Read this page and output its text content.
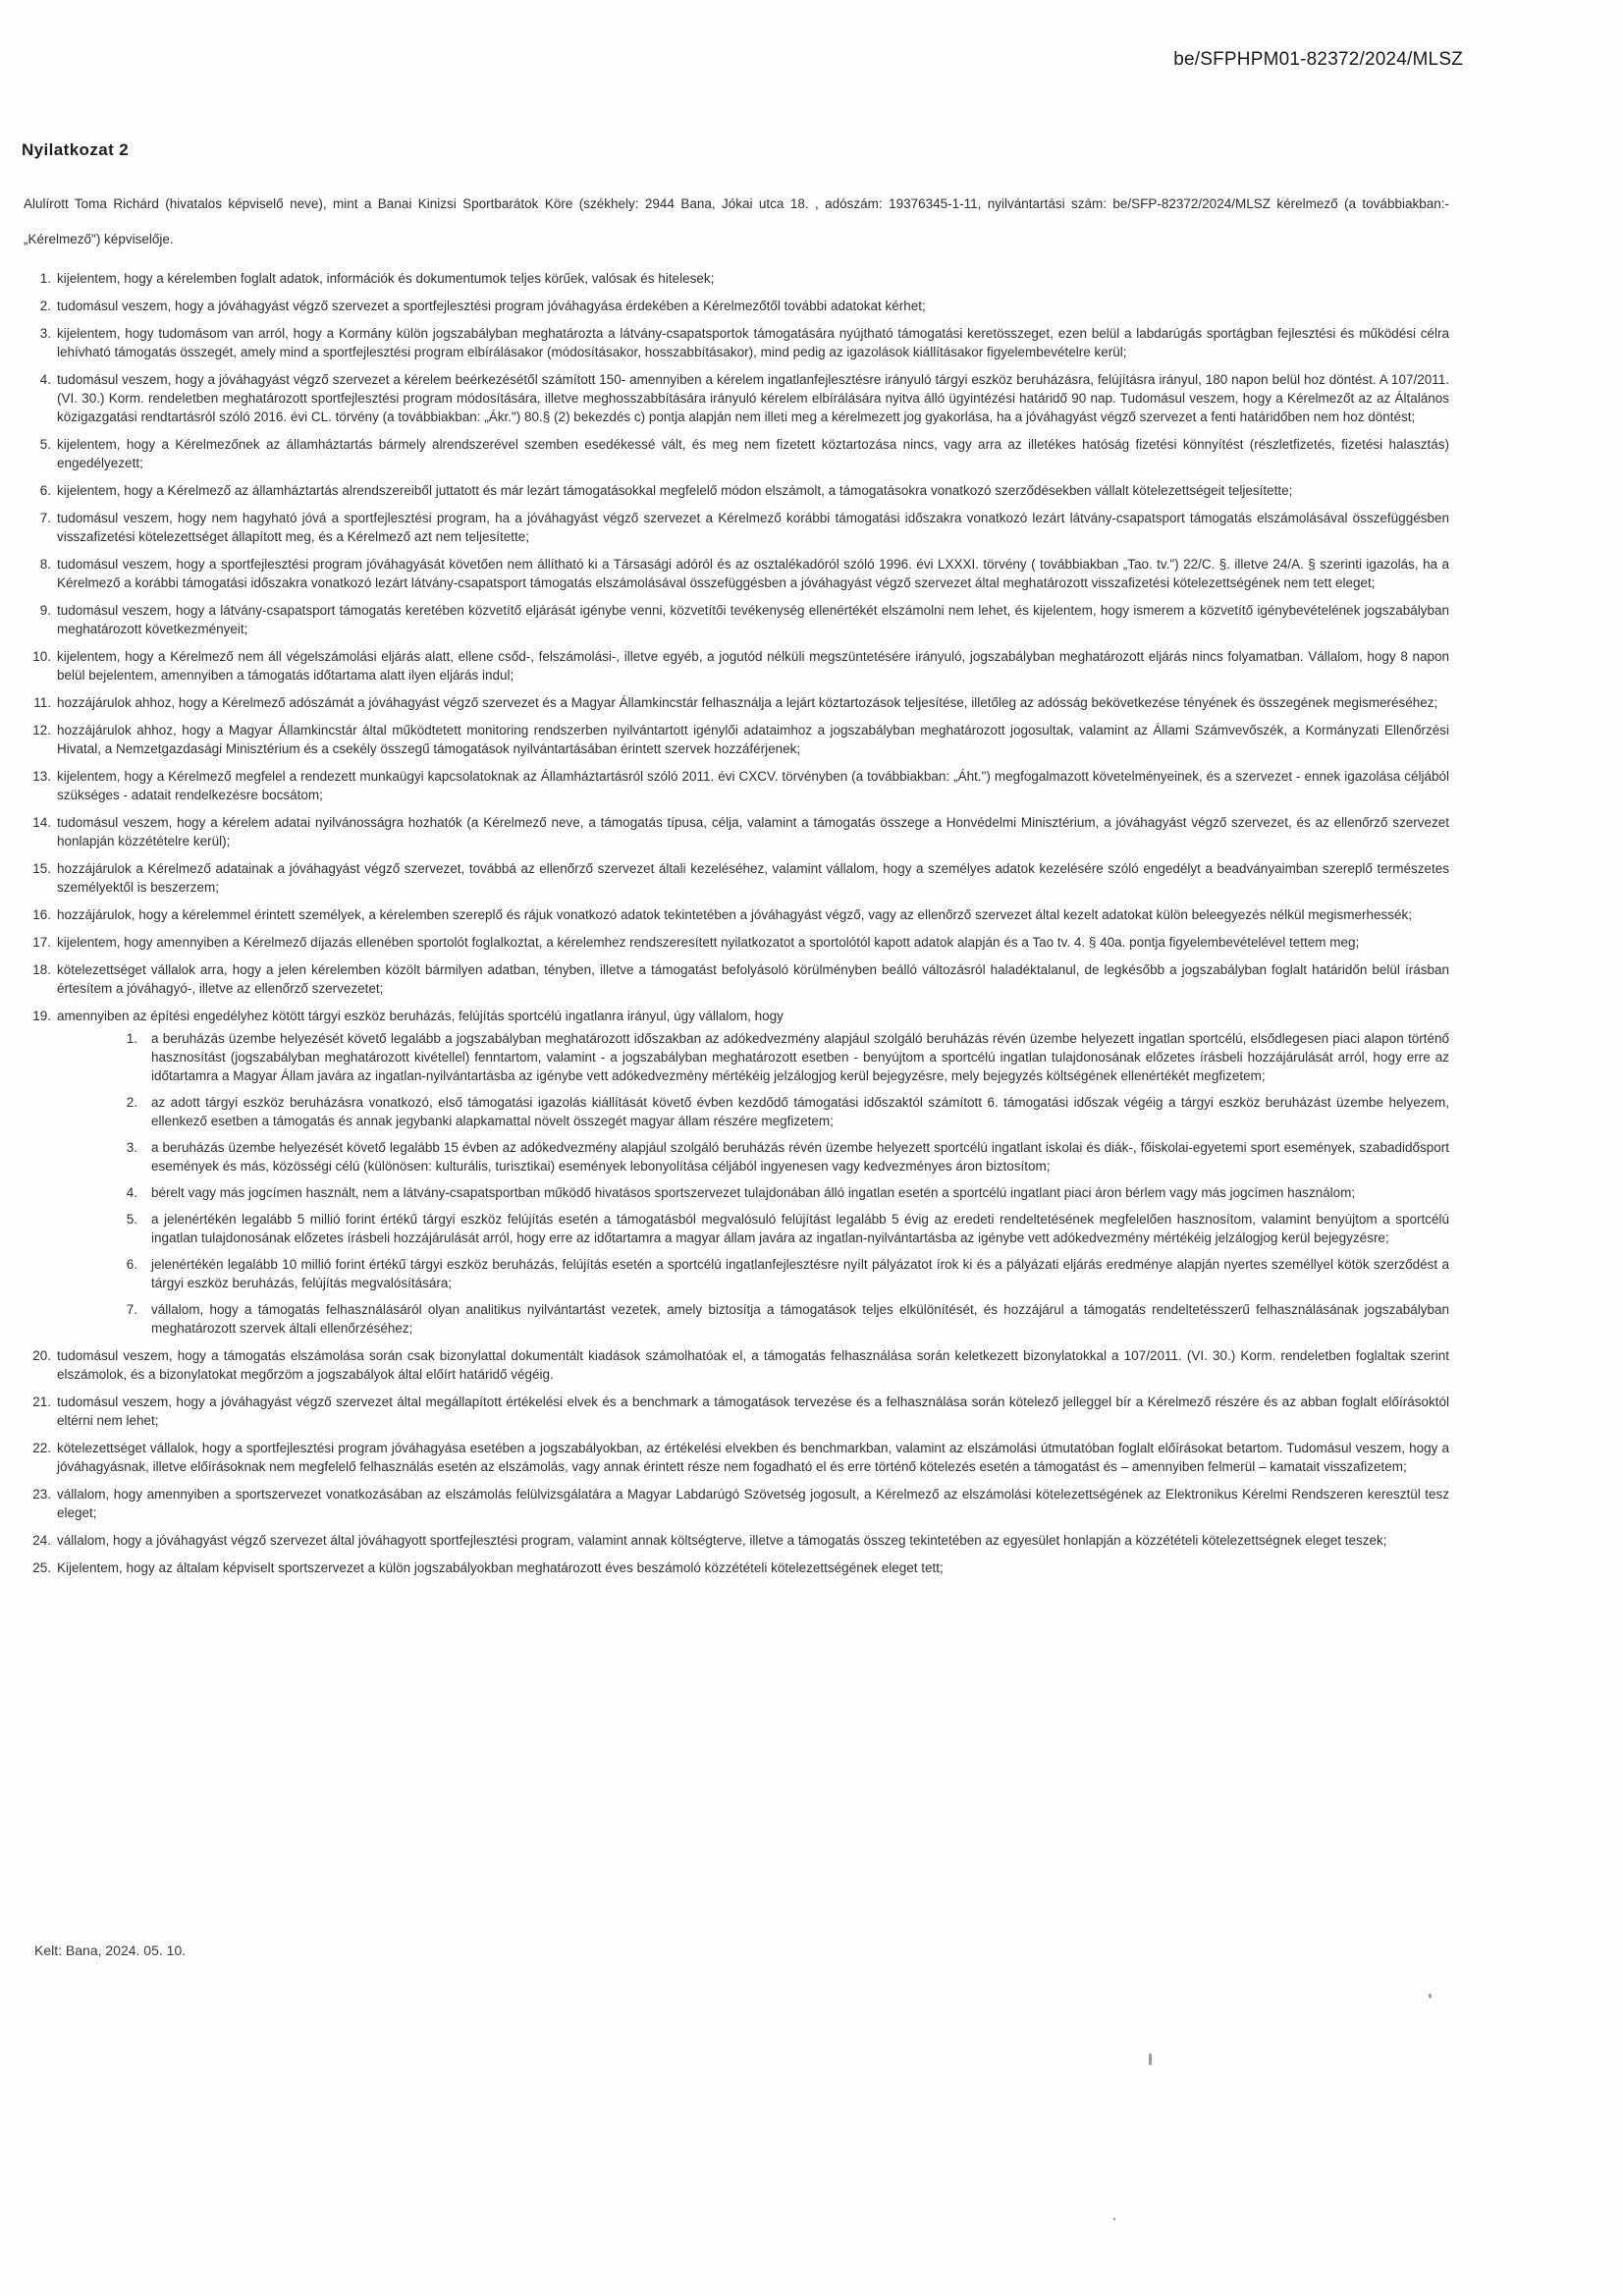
be/SFPHPM01-82372/2024/MLSZ
Nyilatkozat 2

Alulírott Toma Richárd (hivatalos képviselő neve), mint a Banai Kinizsi Sportbarátok Köre (székhely: 2944 Bana, Jókai utca 18. , adószám: 19376345-1-11, nyilvántartási szám: be/SFP-82372/2024/MLSZ kérelmező (a továbbiakban:-„Kérelmező") képviselője.

1. kijelentem, hogy a kérelemben foglalt adatok, információk és dokumentumok teljes körűek, valósak és hitelesek;
2. tudomásul veszem, hogy a jóváhagyást végző szervezet a sportfejlesztési program jóváhagyása érdekében a Kérelmezőtől további adatokat kérhet;
3. kijelentem, hogy tudomásom van arról, hogy a Kormány külön jogszabályban meghatározta a látvány-csapatsportok támogatására nyújtható támogatási keretösszeget, ezen belül a labdarúgás sportágban fejlesztési és működési célra lehívható támogatás összegét, amely mind a sportfejlesztési program elbírálásakor (módosításakor, hosszabbításakor), mind pedig az igazolások kiállításakor figyelembevételre kerül;
4. tudomásul veszem, hogy a jóváhagyást végző szervezet a kérelem beérkezésétől számított 150- amennyiben a kérelem ingatlanfejlesztésre irányuló tárgyi eszköz beruházásra, felújításra irányul, 180 napon belül hoz döntést. A 107/2011. (VI. 30.) Korm. rendeletben meghatározott sportfejlesztési program módosítására, illetve meghosszabbítására irányuló kérelem elbírálására nyitva álló ügyintézési határidő 90 nap. Tudomásul veszem, hogy a Kérelmezőt az az Általános közigazgatási rendtartásról szóló 2016. évi CL. törvény (a továbbiakban: „Ákr.") 80.§ (2) bekezdés c) pontja alapján nem illeti meg a kérelmezett jog gyakorlása, ha a jóváhagyást végző szervezet a fenti határidőben nem hoz döntést;
5. kijelentem, hogy a Kérelmezőnek az államháztartás bármely alrendszerével szemben esedékessé vált, és meg nem fizetett köztartozása nincs, vagy arra az illetékes hatóság fizetési könnyítést (részletfizetés, fizetési halasztás) engedélyezett;
6. kijelentem, hogy a Kérelmező az államháztartás alrendszereiből juttatott és már lezárt támogatásokkal megfelelő módon elszámolt, a támogatásokra vonatkozó szerződésekben vállalt kötelezettségeit teljesítette;
7. tudomásul veszem, hogy nem hagyható jóvá a sportfejlesztési program, ha a jóváhagyást végző szervezet a Kérelmező korábbi támogatási időszakra vonatkozó lezárt látvány-csapatsport támogatás elszámolásával összefüggésben visszafizetési kötelezettséget állapított meg, és a Kérelmező azt nem teljesítette;
8. tudomásul veszem, hogy a sportfejlesztési program jóváhagyását követően nem állítható ki a Társasági adóról és az osztalékadóról szóló 1996. évi LXXXI. törvény ( továbbiakban „Tao. tv.") 22/C. §. illetve 24/A. § szerinti igazolás, ha a Kérelmező a korábbi támogatási időszakra vonatkozó lezárt látvány-csapatsport támogatás elszámolásával összefüggésben a jóváhagyást végző szervezet által meghatározott visszafizetési kötelezettségének nem tett eleget;
9. tudomásul veszem, hogy a látvány-csapatsport támogatás keretében közvetítő eljárását igénybe venni, közvetítői tevékenység ellenértékét elszámolni nem lehet, és kijelentem, hogy ismerem a közvetítő igénybevételének jogszabályban meghatározott következményeit;
10. kijelentem, hogy a Kérelmező nem áll végelszámolási eljárás alatt, ellene csőd-, felszámolási-, illetve egyéb, a jogutód nélküli megszüntetésére irányuló, jogszabályban meghatározott eljárás nincs folyamatban. Vállalom, hogy 8 napon belül bejelentem, amennyiben a támogatás időtartama alatt ilyen eljárás indul;
11. hozzájárulok ahhoz, hogy a Kérelmező adószámát a jóváhagyást végző szervezet és a Magyar Államkincstár felhasználja a lejárt köztartozások teljesítése, illetőleg az adósság bekövetkezése tényének és összegének megismeréséhez;
12. hozzájárulok ahhoz, hogy a Magyar Államkincstár által működtetett monitoring rendszerben nyilvántartott igénylői adataimhoz a jogszabályban meghatározott jogosultak, valamint az Állami Számvevőszék, a Kormányzati Ellenőrzési Hivatal, a Nemzetgazdasági Minisztérium és a csekély összegű támogatások nyilvántartásában érintett szervek hozzáférjenek;
13. kijelentem, hogy a Kérelmező megfelel a rendezett munkaügyi kapcsolatoknak az Államháztartásról szóló 2011. évi CXCV. törvényben (a továbbiakban: „Áht.") megfogalmazott követelményeinek, és a szervezet - ennek igazolása céljából szükséges - adatait rendelkezésre bocsátom;
14. tudomásul veszem, hogy a kérelem adatai nyilvánosságra hozhatók (a Kérelmező neve, a támogatás típusa, célja, valamint a támogatás összege a Honvédelmi Minisztérium, a jóváhagyást végző szervezet, és az ellenőrző szervezet honlapján közzétételre kerül);
15. hozzájárulok a Kérelmező adatainak a jóváhagyást végző szervezet, továbbá az ellenőrző szervezet általi kezeléséhez, valamint vállalom, hogy a személyes adatok kezelésére szóló engedélyt a beadványaimban szereplő természetes személyektől is beszerzem;
16. hozzájárulok, hogy a kérelemmel érintett személyek, a kérelemben szereplő és rájuk vonatkozó adatok tekintetében a jóváhagyást végző, vagy az ellenőrző szervezet által kezelt adatokat külön beleegyezés nélkül megismerhessék;
17. kijelentem, hogy amennyiben a Kérelmező díjazás ellenében sportolót foglalkoztat, a kérelemhez rendszeresített nyilatkozatot a sportolótól kapott adatok alapján és a Tao tv. 4. § 40a. pontja figyelembevételével tettem meg;
18. kötelezettséget vállalok arra, hogy a jelen kérelemben közölt bármilyen adatban, tényben, illetve a támogatást befolyásoló körülményben beálló változásról haladéktalanul, de legkésőbb a jogszabályban foglalt határidőn belül írásban értesítem a jóváhagyó-, illetve az ellenőrző szervezetet;
19. amennyiben az építési engedélyhez kötött tárgyi eszköz beruházás, felújítás sportcélú ingatlanra irányul, úgy vállalom, hogy
1. a beruházás üzembe helyezését követő legalább a jogszabályban meghatározott időszakban az adókedvezmény alapjául szolgáló beruházás révén üzembe helyezett ingatlan sportcélú, elsődlegesen piaci alapon történő hasznosítást (jogszabályban meghatározott kivétellel) fenntartom, valamint - a jogszabályban meghatározott esetben - benyújtom a sportcélú ingatlan tulajdonosának előzetes írásbeli hozzájárulását arról, hogy erre az időtartamra a Magyar Állam javára az ingatlan-nyilvántartásba az igénybe vett adókedvezmény mértékéig jelzálogjog kerül bejegyzésre, mely bejegyzés költségének ellenértékét megfizetem;
2. az adott tárgyi eszköz beruházásra vonatkozó, első támogatási igazolás kiállítását követő évben kezdődő támogatási időszaktól számított 6. támogatási időszak végéig a tárgyi eszköz beruházást üzembe helyezem, ellenkező esetben a támogatás és annak jegybanki alapkamattal növelt összegét magyar állam részére megfizetem;
3. a beruházás üzembe helyezését követő legalább 15 évben az adókedvezmény alapjául szolgáló beruházás révén üzembe helyezett sportcélú ingatlant iskolai és diák-, főiskolai-egyetemi sport események, szabadidősport események és más, közösségi célú (különösen: kulturális, turisztikai) események lebonyolítása céljából ingyenesen vagy kedvezményes áron biztosítom;
4. bérelt vagy más jogcímen használt, nem a látvány-csapatsportban működő hivatásos sportszervezet tulajdonában álló ingatlan esetén a sportcélú ingatlant piaci áron bérlem vagy más jogcímen használom;
5. a jelenértékén legalább 5 millió forint értékű tárgyi eszköz felújítás esetén a támogatásból megvalósuló felújítást legalább 5 évig az eredeti rendeltetésének megfelelően hasznosítom, valamint benyújtom a sportcélú ingatlan tulajdonosának előzetes írásbeli hozzájárulását arról, hogy erre az időtartamra a magyar állam javára az ingatlan-nyilvántartásba az igénybe vett adókedvezmény mértékéig jelzálogjog kerül bejegyzésre;
6. jelenértékén legalább 10 millió forint értékű tárgyi eszköz beruházás, felújítás esetén a sportcélú ingatlanfejlesztésre nyílt pályázatot írok ki és a pályázati eljárás eredménye alapján nyertes személlyel kötök szerződést a tárgyi eszköz beruházás, felújítás megvalósítására;
7. vállalom, hogy a támogatás felhasználásáról olyan analitikus nyilvántartást vezetek, amely biztosítja a támogatások teljes elkülönítését, és hozzájárul a támogatás rendeltetésszerű felhasználásának jogszabályban meghatározott szervek általi ellenőrzéséhez;
20. tudomásul veszem, hogy a támogatás elszámolása során csak bizonylattal dokumentált kiadások számolhatóak el, a támogatás felhasználása során keletkezett bizonylatokkal a 107/2011. (VI. 30.) Korm. rendeletben foglaltak szerint elszámolok, és a bizonylatokat megőrzöm a jogszabályok által előírt határidő végéig.
21. tudomásul veszem, hogy a jóváhagyást végző szervezet által megállapított értékelési elvek és a benchmark a támogatások tervezése és a felhasználása során kötelező jelleggel bír a Kérelmező részére és az abban foglalt előírásoktól eltérni nem lehet;
22. kötelezettséget vállalok, hogy a sportfejlesztési program jóváhagyása esetében a jogszabályokban, az értékelési elvekben és benchmarkban, valamint az elszámolási útmutatóban foglalt előírásokat betartom. Tudomásul veszem, hogy a jóváhagyásnak, illetve előírásoknak nem megfelelő felhasználás esetén az elszámolás, vagy annak érintett része nem fogadható el és erre történő kötelezés esetén a támogatást és – amennyiben felmerül – kamatait visszafizetem;
23. vállalom, hogy amennyiben a sportszervezet vonatkozásában az elszámolás felülvizsgálatára a Magyar Labdarúgó Szövetség jogosult, a Kérelmező az elszámolási kötelezettségének az Elektronikus Kérelmi Rendszeren keresztül tesz eleget;
24. vállalom, hogy a jóváhagyást végző szervezet által jóváhagyott sportfejlesztési program, valamint annak költségterve, illetve a támogatás összeg tekintetében az egyesület honlapján a közzétételi kötelezettségnek eleget teszek;
25. Kijelentem, hogy az általam képviselt sportszervezet a külön jogszabályokban meghatározott éves beszámoló közzétételi kötelezettségének eleget tett;
Kelt: Bana, 2024. 05. 10.
